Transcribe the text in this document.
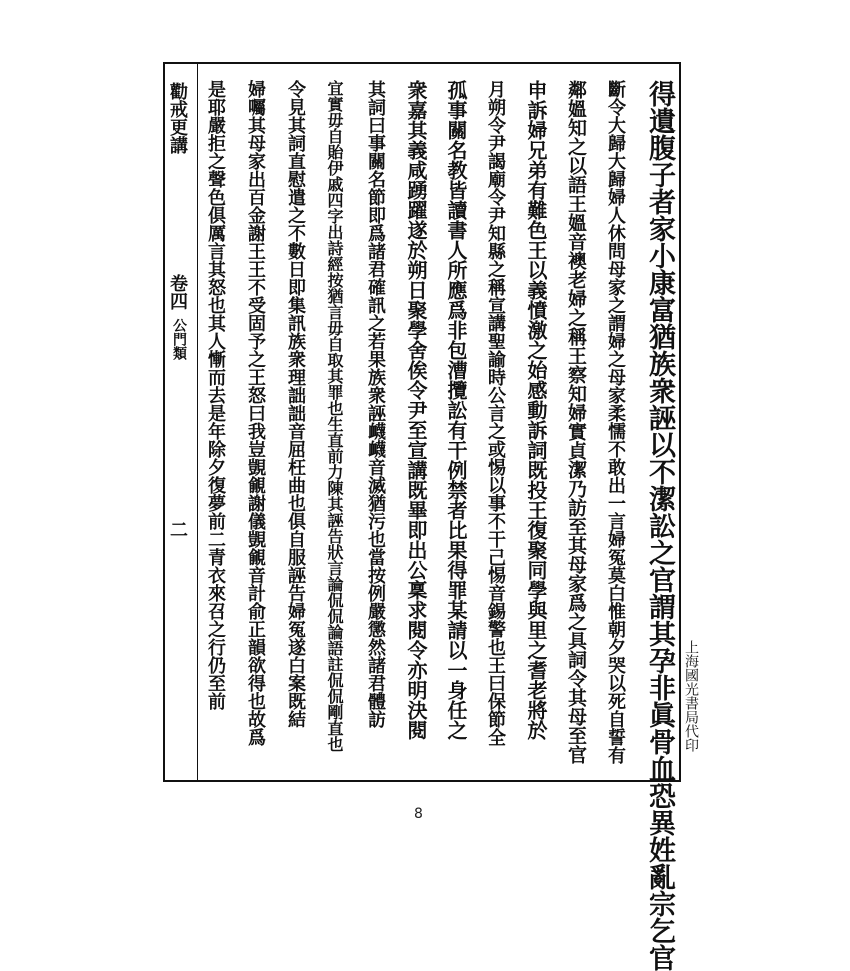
勸戒更講
卷四
公門類
二	得遺腹子者家小康富猶族衆誣以不潔訟之官謂其孕非眞骨血恐異姓亂宗乞官
斷令大歸大歸婦人休問母家之謂婦之母家柔懦不敢出一言婦冤莫白惟朝夕哭以死自誓有
鄰媼知之以語王媼音襖老婦之稱王察知婦實貞潔乃訪至其母家爲之具詞令其母至官
申訴婦兄弟有難色王以義憤激之始感動訴詞既投王復聚同學與里之耆老將於
月朔令尹謁廟令尹知縣之稱宣講聖諭時公言之或惕以事不干己惕音錫警也王曰保節全
孤事關名教皆讀書人所應爲非包漕攬訟有干例禁者比果得罪某請以一身任之
衆嘉其義咸踴躍遂於朔日聚學舍俟令尹至宣講既畢即出公稟求閱令亦明決閱
其詞曰事關名節即爲諸君確訊之若果族衆誣衊衊音滅猶污也當按例嚴懲然諸君體訪
宜實毋自貽伊戚四字出詩經按猶言毋自取其罪也生直前力陳其誣告狀言論侃侃論語註侃侃剛直也
令見其詞直慰遣之不數日即集訊族衆理詘詘音屈枉曲也俱自服誣告婦冤遂白案既結
婦囑其母家出百金謝王王不受固予之王怒曰我豈覬覦謝儀覬覦音計俞正韻欲得也故爲
是耶嚴拒之聲色俱厲言其怒也其人慚而去是年除夕復夢前二青衣來召之行仍至前	上海國光書局代印
8
